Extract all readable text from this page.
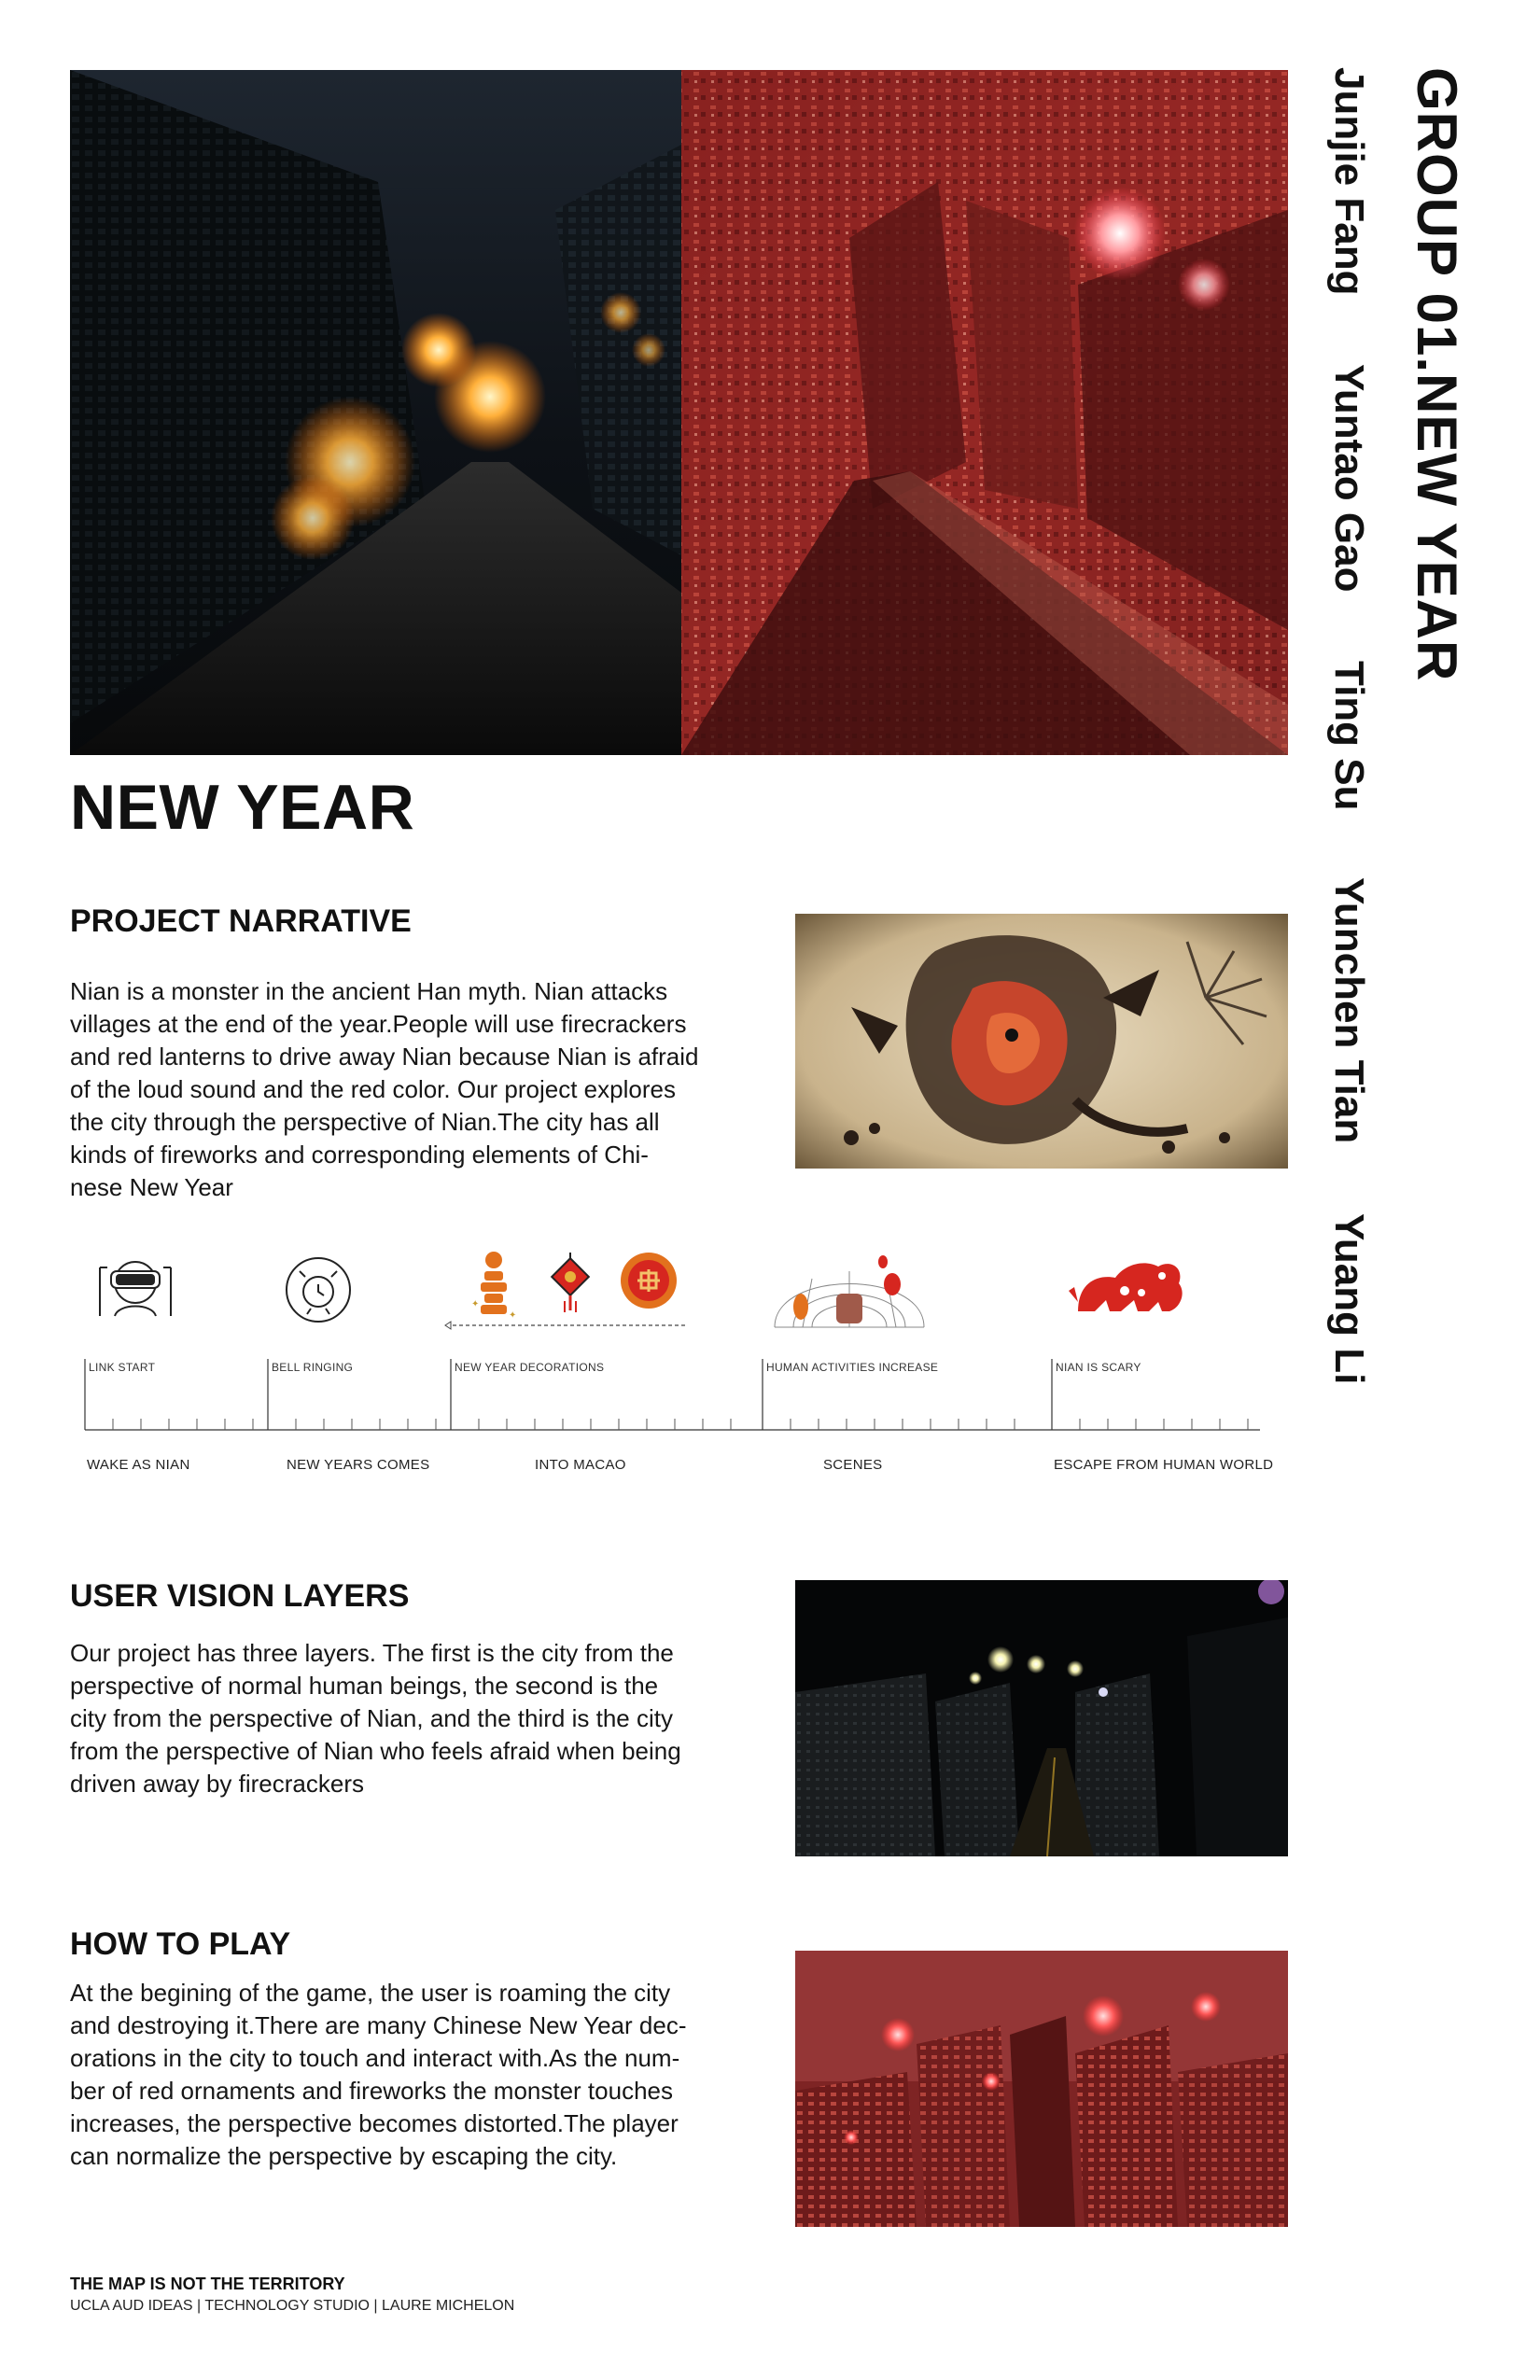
GROUP 01.NEW YEAR
Junjie Fang
Yuntao Gao
Ting Su
Yunchen Tian
Yuang Li
NEW YEAR
PROJECT NARRATIVE

Nian is a monster in the ancient Han myth. Nian attacks

villages at the end of the year.People will use firecrackers

and red lanterns to drive away Nian because Nian is afraid

of the loud sound and the red color. Our project explores

the city through the perspective of Nian.The city has all

kinds of fireworks and corresponding elements of Chi-

nese New Year

✦
✦
LINK START	BELL RINGING	NEW YEAR DECORATIONS	HUMAN ACTIVITIES INCREASE	NIAN IS SCARY
WAKE AS NIAN	NEW YEARS COMES	INTO MACAO	SCENES	ESCAPE FROM HUMAN WORLD
USER VISION LAYERS

Our project has three layers. The first is the city from the

perspective of normal human beings, the second is the

city from the perspective of Nian, and the third is the city

from the perspective of Nian who feels afraid when being

driven away by firecrackers

HOW TO PLAY

At the begining of the game, the user is roaming the city

and destroying it.There are many Chinese New Year dec-

orations in the city to touch and interact with.As the num-

ber of red ornaments and fireworks the monster touches

increases, the perspective becomes distorted.The player

can normalize the perspective by escaping the city.

THE MAP IS NOT THE TERRITORY

UCLA AUD IDEAS | TECHNOLOGY STUDIO | LAURE MICHELON
